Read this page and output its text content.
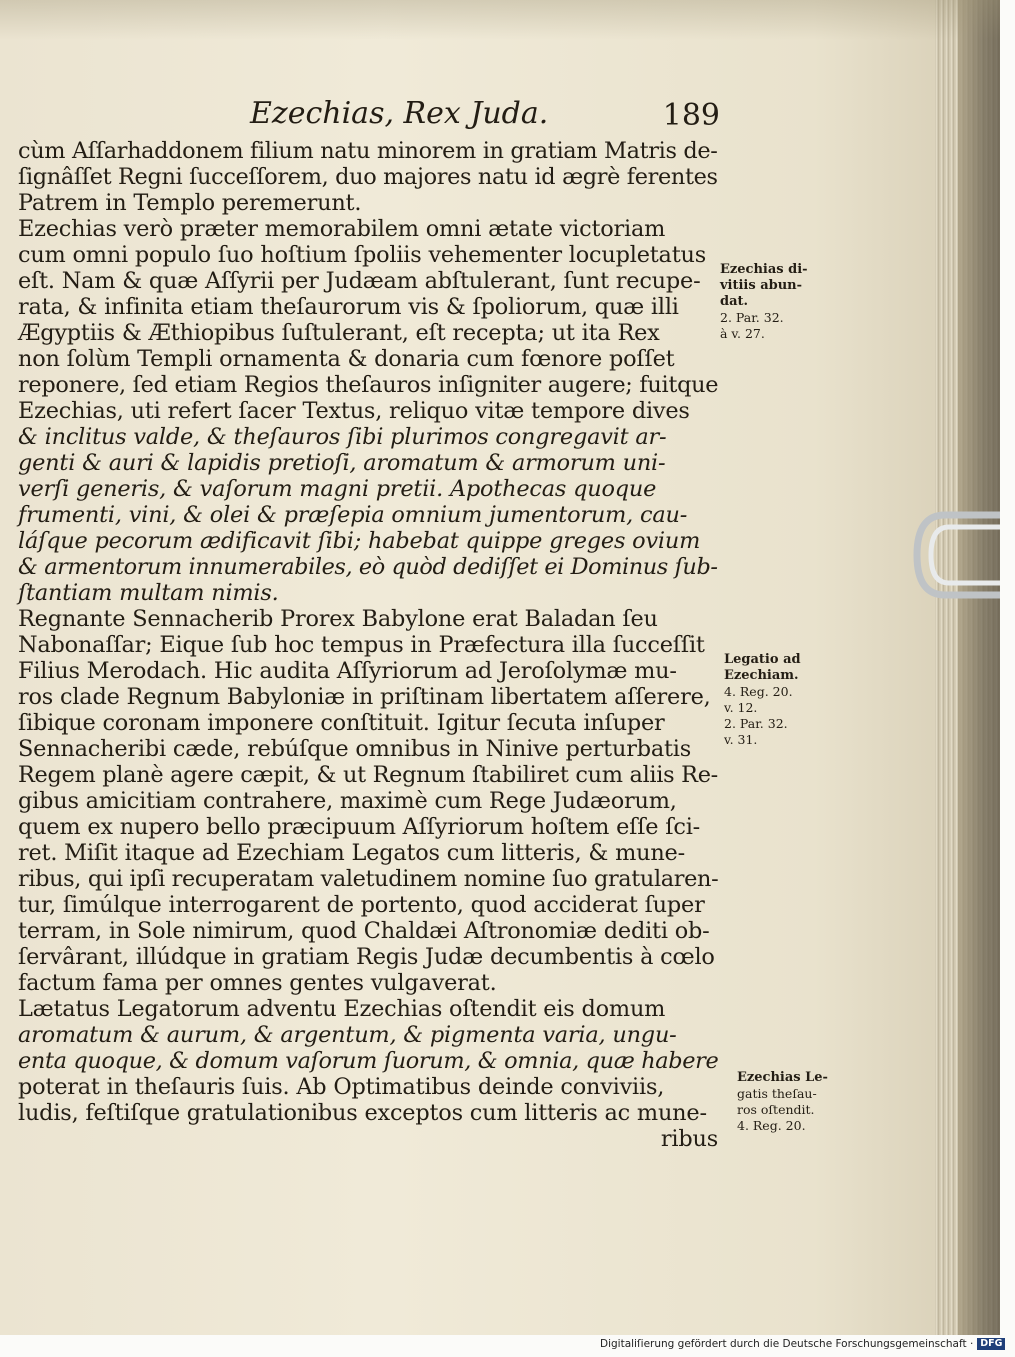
Ezechias, Rex Juda.	189
cùm Aſſarhaddonem filium natu minorem in gratiam Matris de-
ſignâſſet Regni ſucceſſorem, duo majores natu id ægrè ferentes
Patrem in Templo peremerunt.
Ezechias verò præter memorabilem omni ætate victoriam
cum omni populo ſuo hoſtium ſpoliis vehementer locupletatus
eſt. Nam & quæ Aſſyrii per Judæam abſtulerant, ſunt recupe-
rata, & infinita etiam theſaurorum vis & ſpoliorum, quæ illi
Ægyptiis & Æthiopibus ſuſtulerant, eſt recepta; ut ita Rex
non ſolùm Templi ornamenta & donaria cum fœnore poſſet
reponere, ſed etiam Regios theſauros inſigniter augere; fuitque
Ezechias, uti refert ſacer Textus, reliquo vitæ tempore dives
& inclitus valde, & theſauros ſibi plurimos congregavit ar-
genti & auri & lapidis pretioſi, aromatum & armorum uni-
verſi generis, & vaſorum magni pretii. Apothecas quoque
frumenti, vini, & olei & præſepia omnium jumentorum, cau-
láſque pecorum ædificavit ſibi; habebat quippe greges ovium
& armentorum innumerabiles, eò quòd dediſſet ei Dominus ſub-
ſtantiam multam nimis.
Regnante Sennacherib Prorex Babylone erat Baladan ſeu
Nabonaſſar; Eique ſub hoc tempus in Præfectura illa ſucceſſit
Filius Merodach. Hic audita Aſſyriorum ad Jeroſolymæ mu-
ros clade Regnum Babyloniæ in priſtinam libertatem aſſerere,
ſibique coronam imponere conſtituit. Igitur ſecuta inſuper
Sennacheribi cæde, rebúſque omnibus in Ninive perturbatis
Regem planè agere cæpit, & ut Regnum ſtabiliret cum aliis Re-
gibus amicitiam contrahere, maximè cum Rege Judæorum,
quem ex nupero bello præcipuum Aſſyriorum hoſtem eſſe ſci-
ret. Miſit itaque ad Ezechiam Legatos cum litteris, & mune-
ribus, qui ipſi recuperatam valetudinem nomine ſuo gratularen-
tur, ſimúlque interrogarent de portento, quod acciderat ſuper
terram, in Sole nimirum, quod Chaldæi Aſtronomiæ dediti ob-
ſervârant, illúdque in gratiam Regis Judæ decumbentis à cœlo
factum fama per omnes gentes vulgaverat.
Lætatus Legatorum adventu Ezechias oſtendit eis domum
aromatum & aurum, & argentum, & pigmenta varia, ungu-
enta quoque, & domum vaſorum ſuorum, & omnia, quæ habere
poterat in theſauris ſuis. Ab Optimatibus deinde conviviis,
ludis, feſtiſque gratulationibus exceptos cum litteris ac mune-
ribus
Ezechias di-
vitiis abun-
dat.
2. Par. 32.
à v. 27.
Legatio ad
Ezechiam.
4. Reg. 20.
v. 12.
2. Par. 32.
v. 31.
Ezechias Le-
gatis theſau-
ros oſtendit.
4. Reg. 20.
Digitaliſierung gefördert durch die Deutsche Forschungsgemeinschaft · DFG
